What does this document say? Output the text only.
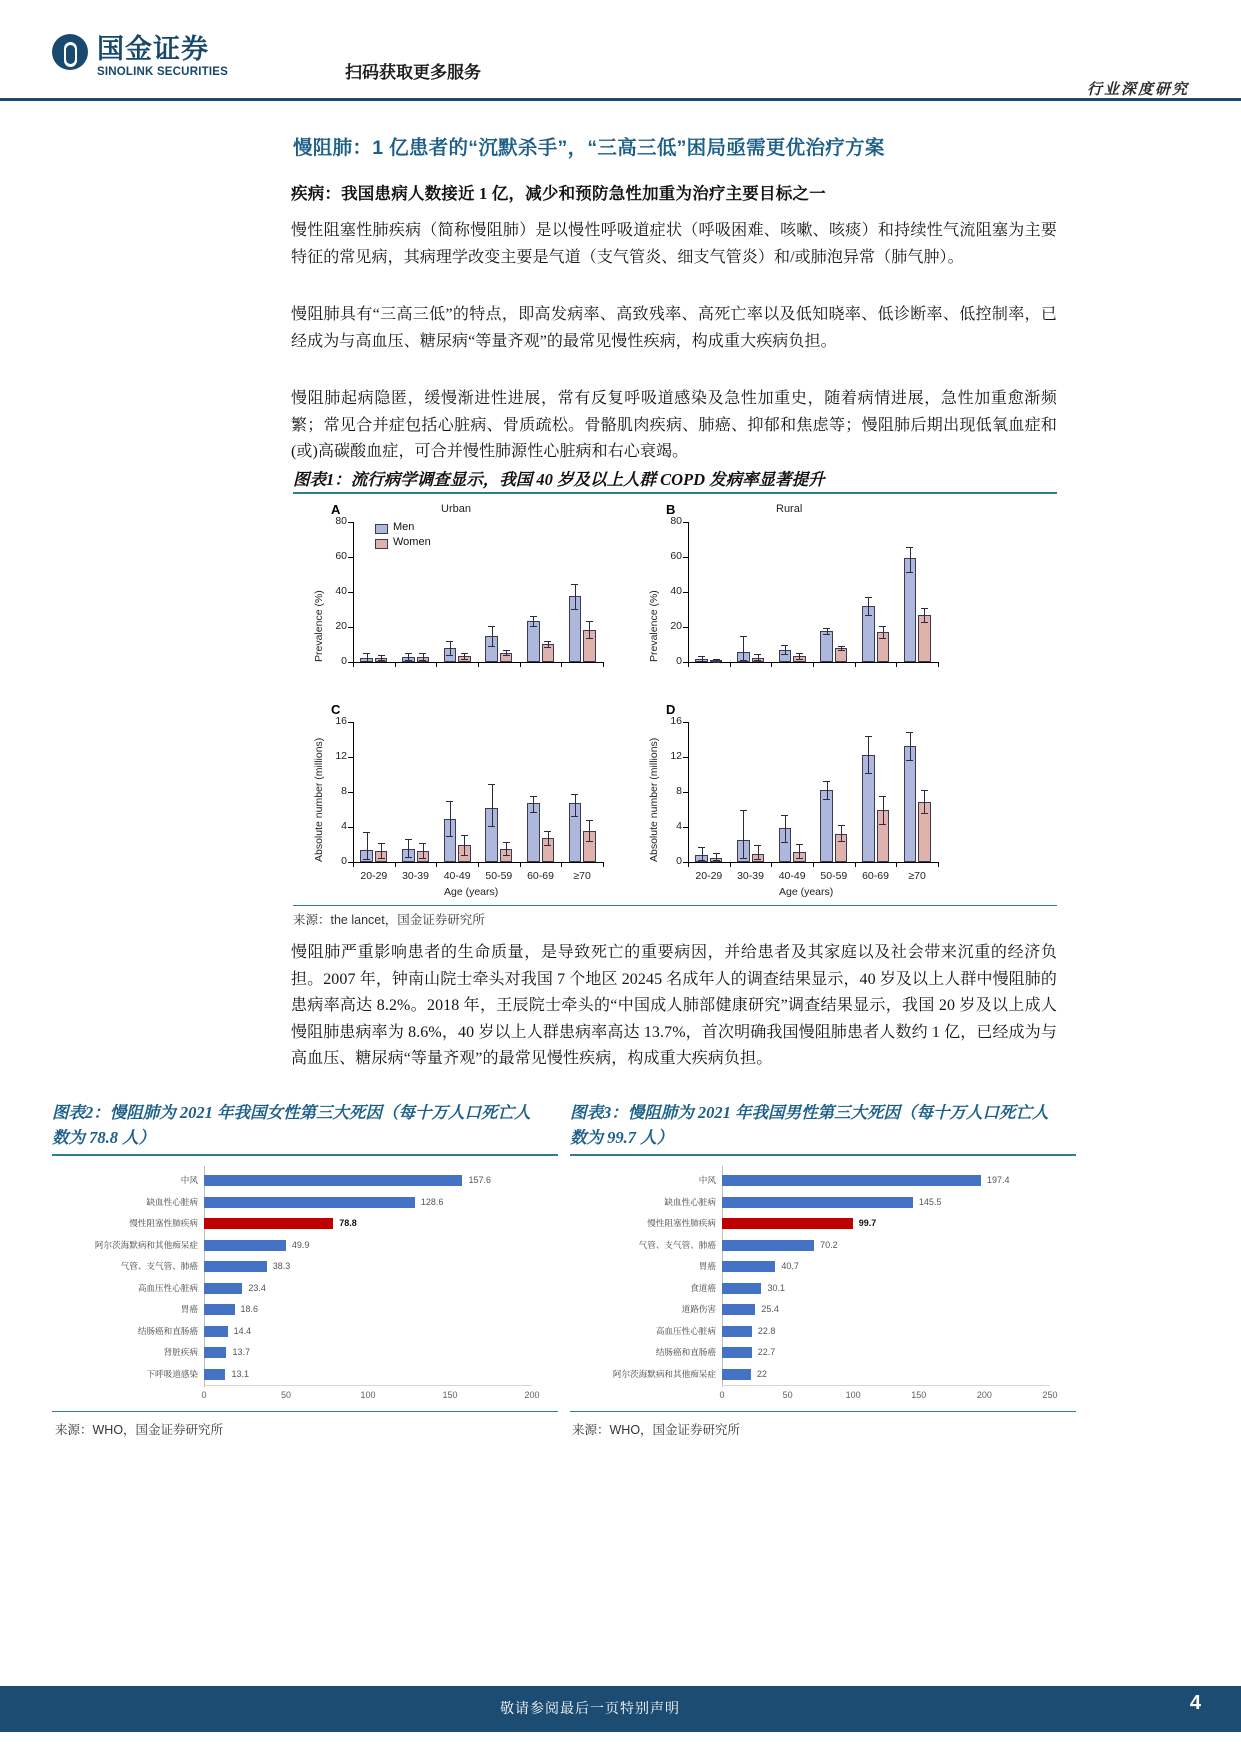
国金证券
SINOLINK SECURITIES	扫码获取更多服务
行业深度研究
慢阻肺：1 亿患者的“沉默杀手”，“三高三低”困局亟需更优治疗方案
疾病：我国患病人数接近 1 亿，减少和预防急性加重为治疗主要目标之一
慢性阻塞性肺疾病（简称慢阻肺）是以慢性呼吸道症状（呼吸困难、咳嗽、咳痰）和持续性气流阻塞为主要特征的常见病，其病理学改变主要是气道（支气管炎、细支气管炎）和/或肺泡异常（肺气肿）。
慢阻肺具有“三高三低”的特点，即高发病率、高致残率、高死亡率以及低知晓率、低诊断率、低控制率，已经成为与高血压、糖尿病“等量齐观”的最常见慢性疾病，构成重大疾病负担。
慢阻肺起病隐匿，缓慢渐进性进展，常有反复呼吸道感染及急性加重史，随着病情进展，急性加重愈渐频繁；常见合并症包括心脏病、骨质疏松。骨骼肌肉疾病、肺癌、抑郁和焦虑等；慢阻肺后期出现低氧血症和(或)高碳酸血症，可合并慢性肺源性心脏病和右心衰竭。
图表1：流行病学调查显示，我国 40 岁及以上人群 COPD 发病率显著提升
A	Urban
0
20
40
60
80
Prevalence (%)
B	Rural
0
20
40
60
80
Prevalence (%)
C
0
4
8
12
16
Absolute number (millions)
20-29	30-39	40-49	50-59	60-69	≥70
Age (years)
D
0
4
8
12
16
Absolute number (millions)
20-29	30-39	40-49	50-59	60-69	≥70
Age (years)
Men
Women
来源：the lancet，国金证券研究所
慢阻肺严重影响患者的生命质量，是导致死亡的重要病因，并给患者及其家庭以及社会带来沉重的经济负担。2007 年，钟南山院士牵头对我国 7 个地区 20245 名成年人的调查结果显示，40 岁及以上人群中慢阻肺的患病率高达 8.2%。2018 年，王辰院士牵头的“中国成人肺部健康研究”调查结果显示，我国 20 岁及以上成人慢阻肺患病率为 8.6%，40 岁以上人群患病率高达 13.7%，首次明确我国慢阻肺患者人数约 1 亿，已经成为与高血压、糖尿病“等量齐观”的最常见慢性疾病，构成重大疾病负担。
图表2：慢阻肺为 2021 年我国女性第三大死因（每十万人口死亡人数为 78.8 人）
图表3：慢阻肺为 2021 年我国男性第三大死因（每十万人口死亡人数为 99.7 人）
0	50	100	150	200
中风	157.6
缺血性心脏病	128.6
慢性阻塞性肺疾病	78.8
阿尔茨海默病和其他痴呆症	49.9
气管、支气管、肺癌	38.3
高血压性心脏病	23.4
胃癌	18.6
结肠癌和直肠癌	14.4
肾脏疾病	13.7
下呼吸道感染	13.1
0	50	100	150	200	250
中风	197.4
缺血性心脏病	145.5
慢性阻塞性肺疾病	99.7
气管、支气管、肺癌	70.2
胃癌	40.7
食道癌	30.1
道路伤害	25.4
高血压性心脏病	22.8
结肠癌和直肠癌	22.7
阿尔茨海默病和其他痴呆症	22
来源：WHO，国金证券研究所	来源：WHO，国金证券研究所
敬请参阅最后一页特别声明	4
